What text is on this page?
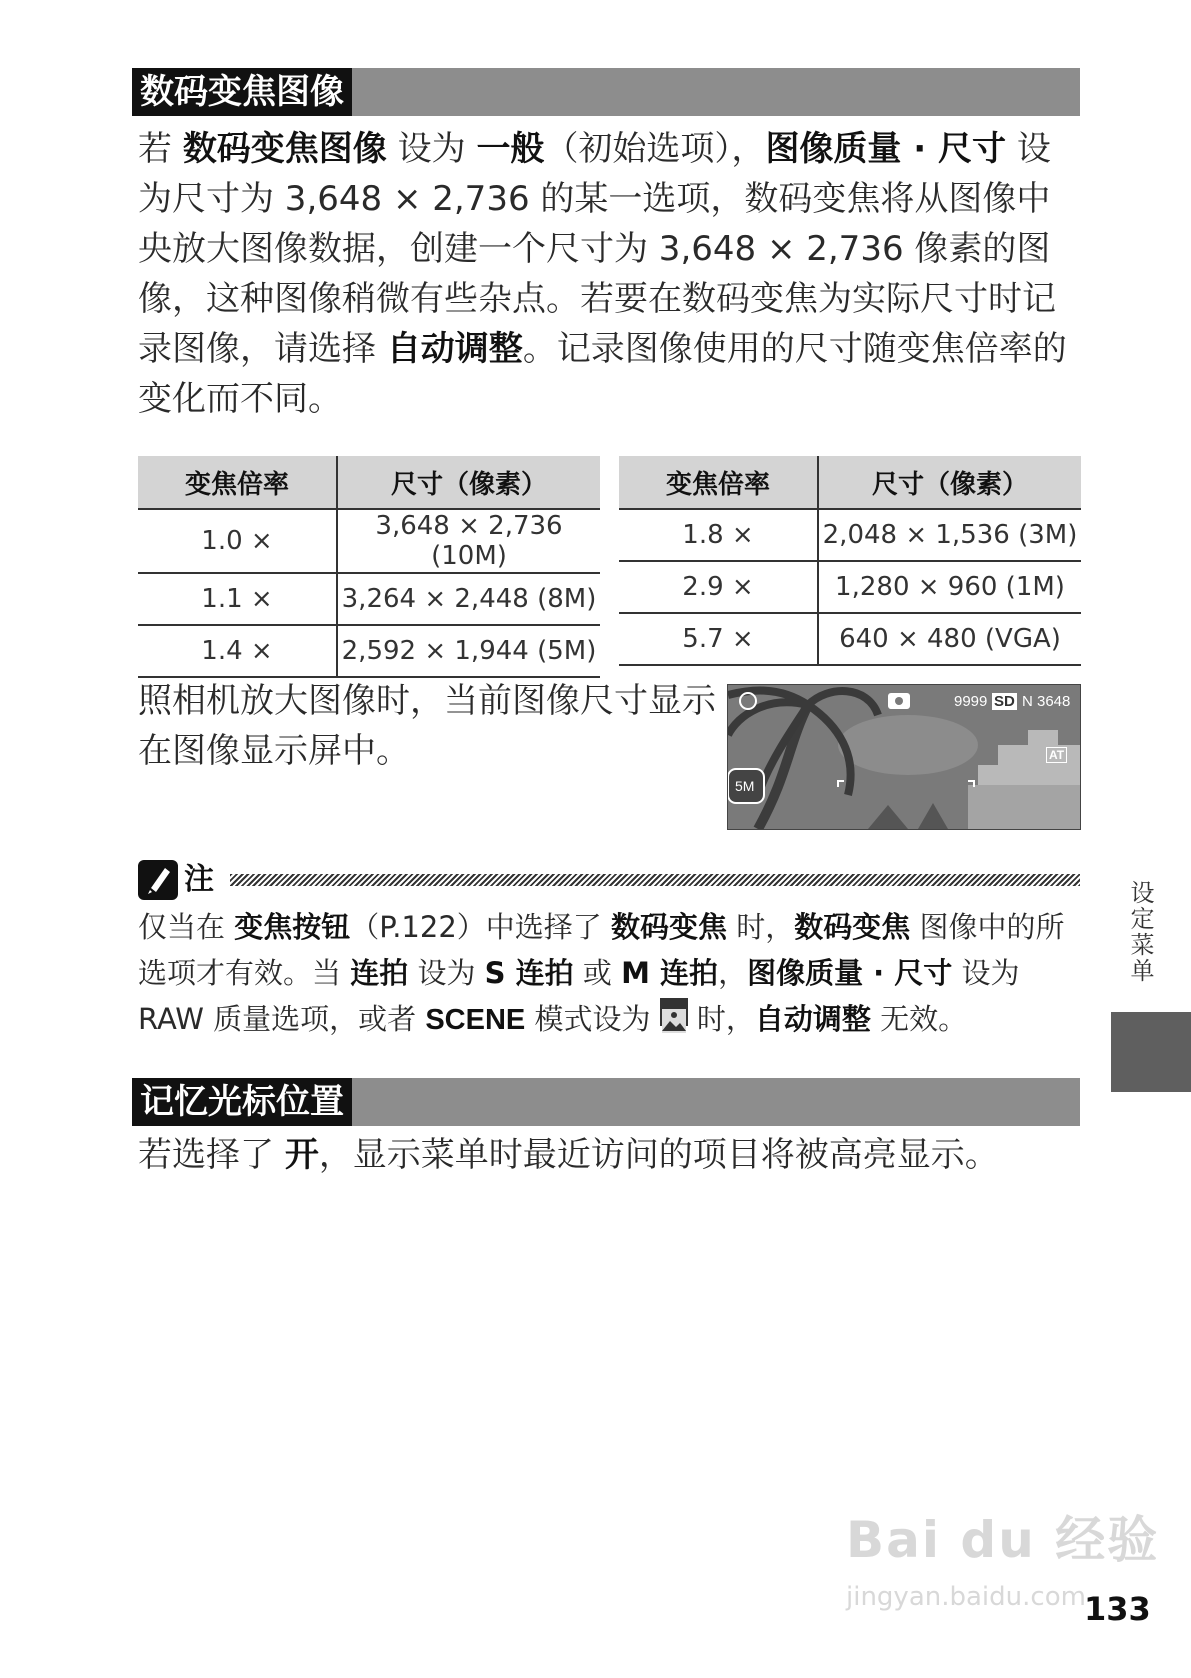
数码变焦图像
若 数码变焦图像 设为 一般（初始选项），图像质量 · 尺寸 设为尺寸为 3,648 × 2,736 的某一选项，数码变焦将从图像中央放大图像数据，创建一个尺寸为 3,648 × 2,736 像素的图像，这种图像稍微有些杂点。若要在数码变焦为实际尺寸时记录图像，请选择 自动调整。记录图像使用的尺寸随变焦倍率的变化而不同。
变焦倍率	尺寸（像素）
1.0 ×	3,648 × 2,736 (10M)
1.1 ×	3,264 × 2,448 (8M)
1.4 ×	2,592 × 1,944 (5M)
变焦倍率	尺寸（像素）
1.8 ×	2,048 × 1,536 (3M)
2.9 ×	1,280 × 960 (1M)
5.7 ×	640 × 480 (VGA)
照相机放大图像时，当前图像尺寸显示在图像显示屏中。
9999 SD N 3648
5M
AT
注
仅当在 变焦按钮（P.122）中选择了 数码变焦 时，数码变焦 图像中的所选项才有效。当 连拍 设为 S 连拍 或 M 连拍，图像质量 · 尺寸 设为 RAW 质量选项，或者 SCENE 模式设为  时，自动调整 无效。
记忆光标位置
若选择了 开，显示菜单时最近访问的项目将被高亮显示。
设定菜单
Bai du 经验
jingyan.baidu.com
133
